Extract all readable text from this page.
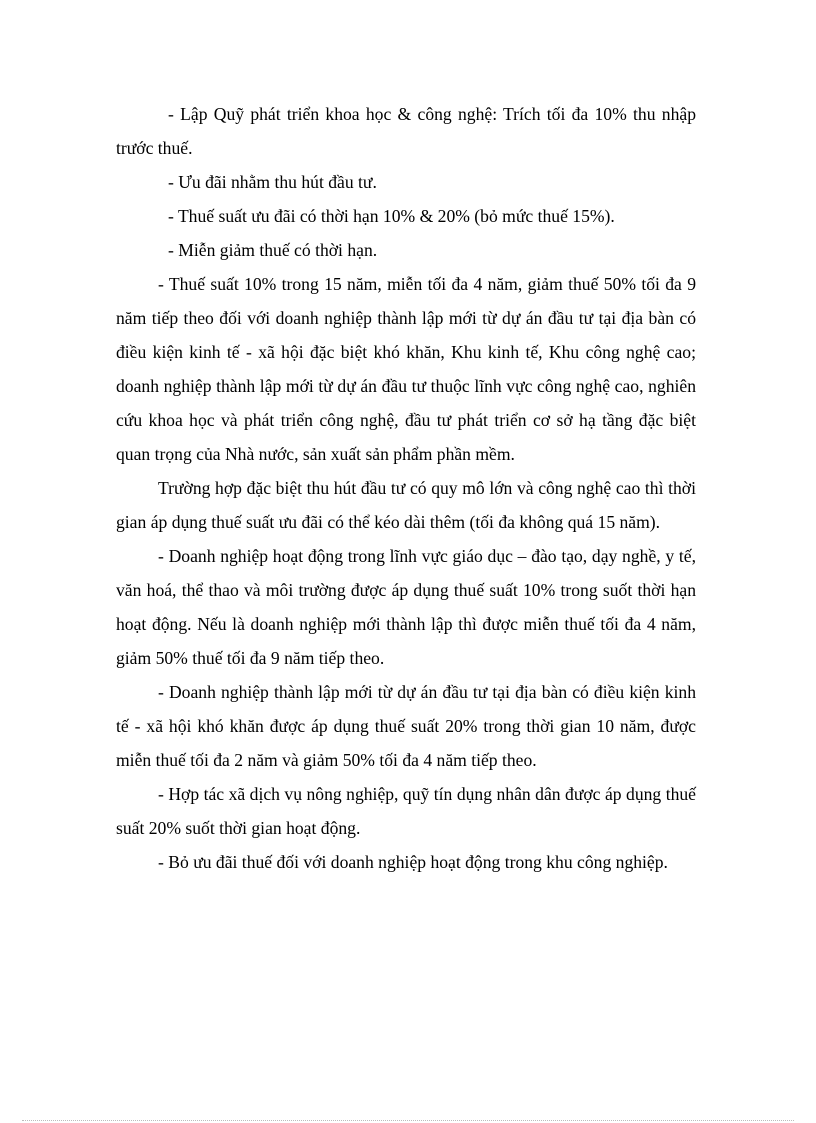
- Lập Quỹ phát triển khoa học & công nghệ: Trích tối đa 10% thu nhập trước thuế.

- Ưu đãi nhằm thu hút đầu tư.

- Thuế suất ưu đãi có thời hạn 10% & 20% (bỏ mức thuế 15%).

- Miễn giảm thuế có thời hạn.

- Thuế suất 10% trong 15 năm, miễn tối đa 4 năm, giảm thuế 50% tối đa 9 năm tiếp theo đối với doanh nghiệp thành lập mới từ dự án đầu tư tại địa bàn có điều kiện kinh tế - xã hội đặc biệt khó khăn, Khu kinh tế, Khu công nghệ cao; doanh nghiệp thành lập mới từ dự án đầu tư thuộc lĩnh vực công nghệ cao, nghiên cứu khoa học và phát triển công nghệ, đầu tư phát triển cơ sở hạ tầng đặc biệt quan trọng của Nhà nước, sản xuất sản phẩm phần mềm.

Trường hợp đặc biệt thu hút đầu tư có quy mô lớn và công nghệ cao thì thời gian áp dụng thuế suất ưu đãi có thể kéo dài thêm (tối đa không quá 15 năm).

- Doanh nghiệp hoạt động trong lĩnh vực giáo dục – đào tạo, dạy nghề, y tế, văn hoá, thể thao và môi trường được áp dụng thuế suất 10% trong suốt thời hạn hoạt động. Nếu là doanh nghiệp mới thành lập thì được miễn thuế tối đa 4 năm, giảm 50% thuế tối đa 9 năm tiếp theo.

- Doanh nghiệp thành lập mới từ dự án đầu tư tại địa bàn có điều kiện kinh tế - xã hội khó khăn được áp dụng thuế suất 20% trong thời gian 10 năm, được miễn thuế tối đa 2 năm và giảm 50% tối đa 4 năm tiếp theo.

- Hợp tác xã dịch vụ nông nghiệp, quỹ tín dụng nhân dân được áp dụng thuế suất 20% suốt thời gian hoạt động.

- Bỏ ưu đãi thuế đối với doanh nghiệp hoạt động trong khu công nghiệp.
